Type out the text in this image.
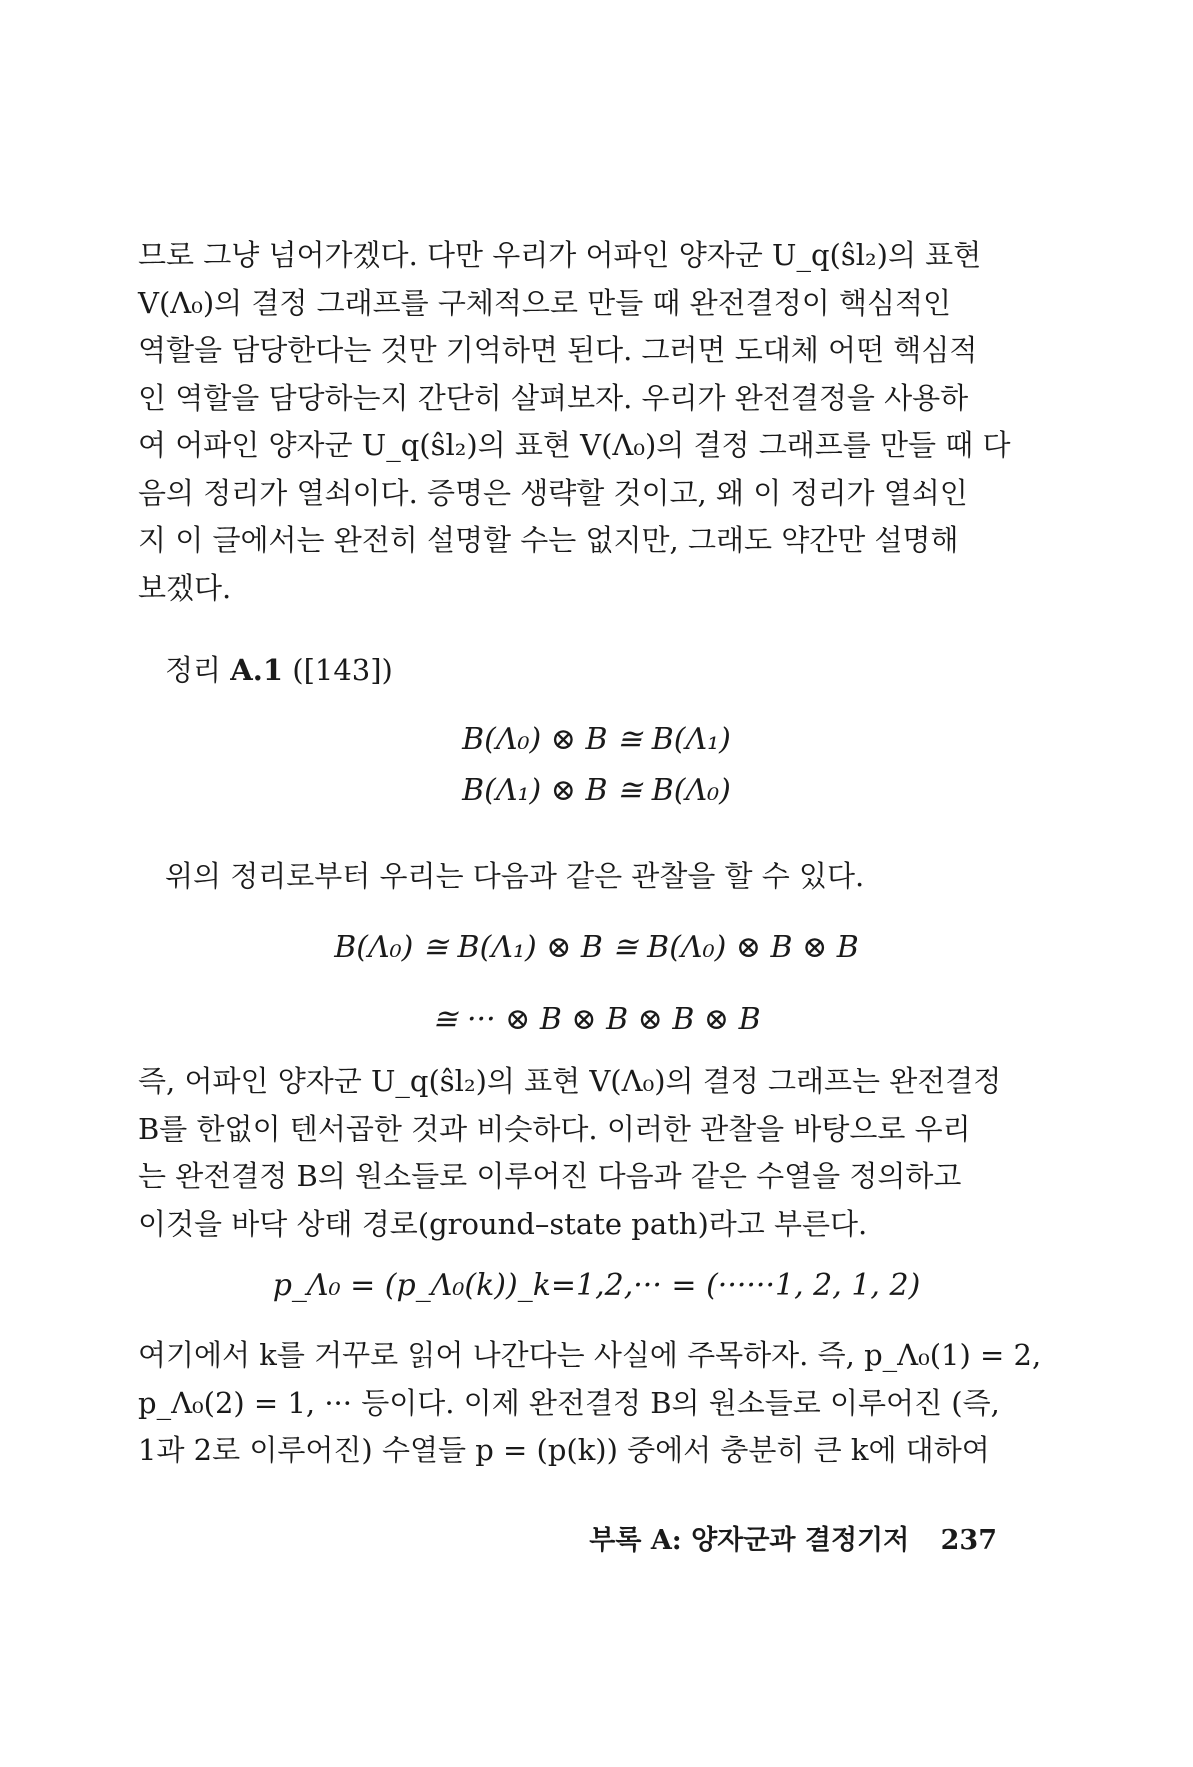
므로 그냥 넘어가겠다. 다만 우리가 어파인 양자군 U_q(ŝl₂)의 표현
V(Λ₀)의 결정 그래프를 구체적으로 만들 때 완전결정이 핵심적인
역할을 담당한다는 것만 기억하면 된다. 그러면 도대체 어떤 핵심적
인 역할을 담당하는지 간단히 살펴보자. 우리가 완전결정을 사용하
여 어파인 양자군 U_q(ŝl₂)의 표현 V(Λ₀)의 결정 그래프를 만들 때 다
음의 정리가 열쇠이다. 증명은 생략할 것이고, 왜 이 정리가 열쇠인
지 이 글에서는 완전히 설명할 수는 없지만, 그래도 약간만 설명해
보겠다.
정리 A.1 ([143])
B(Λ₀) ⊗ B ≅ B(Λ₁)
B(Λ₁) ⊗ B ≅ B(Λ₀)
위의 정리로부터 우리는 다음과 같은 관찰을 할 수 있다.
B(Λ₀) ≅ B(Λ₁) ⊗ B ≅ B(Λ₀) ⊗ B ⊗ B
≅ ··· ⊗ B ⊗ B ⊗ B ⊗ B
즉, 어파인 양자군 U_q(ŝl₂)의 표현 V(Λ₀)의 결정 그래프는 완전결정
B를 한없이 텐서곱한 것과 비슷하다. 이러한 관찰을 바탕으로 우리
는 완전결정 B의 원소들로 이루어진 다음과 같은 수열을 정의하고
이것을 바닥 상태 경로(ground–state path)라고 부른다.
p_Λ₀ = (p_Λ₀(k))_k=1,2,··· = (······1, 2, 1, 2)
여기에서 k를 거꾸로 읽어 나간다는 사실에 주목하자. 즉, p_Λ₀(1) = 2,
p_Λ₀(2) = 1, ··· 등이다. 이제 완전결정 B의 원소들로 이루어진 (즉,
1과 2로 이루어진) 수열들 p = (p(k)) 중에서 충분히 큰 k에 대하여
부록 A: 양자군과 결정기저 237
